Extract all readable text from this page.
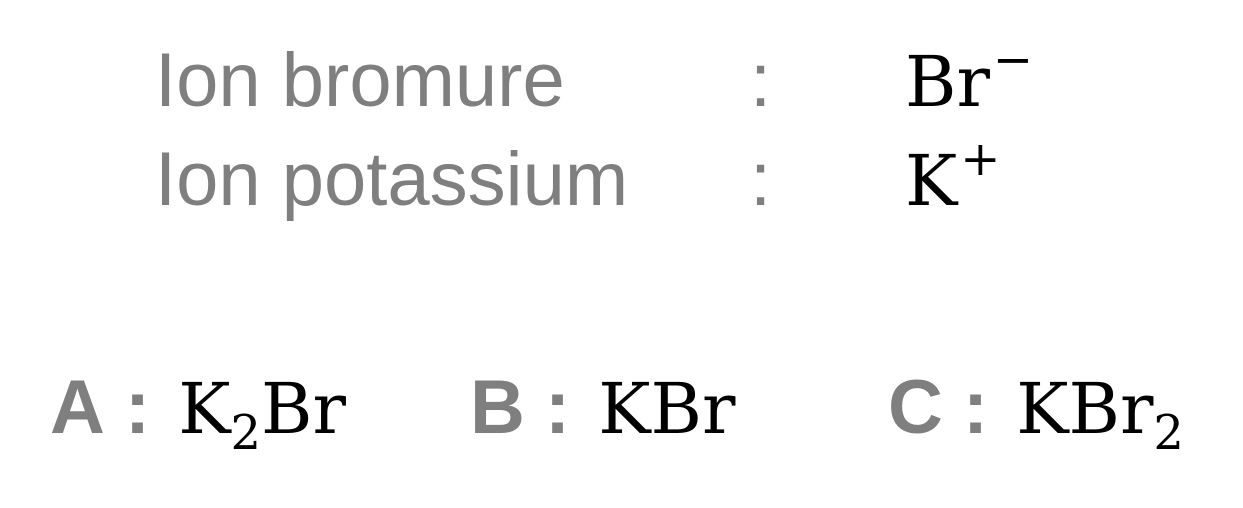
Ion bromure : Br−
Ion potassium : K+
A : $K_2Br$ B : KBr C : KBr$_2$
